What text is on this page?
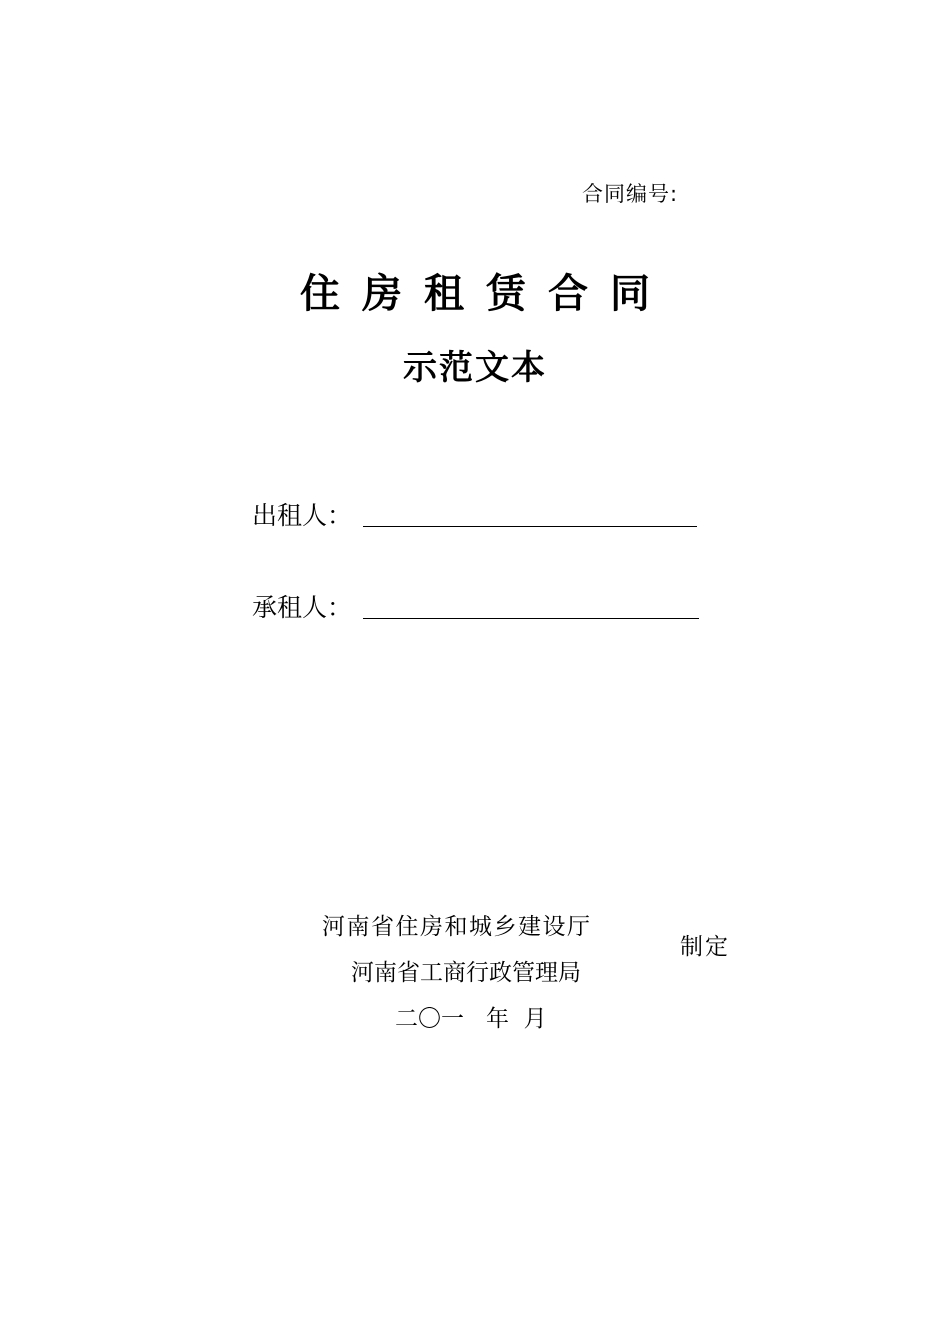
合同编号:
住房租赁合同
示范文本
出租人：
承租人：
河南省住房和城乡建设厅
河南省工商行政管理局
制定
二〇一 年 月
